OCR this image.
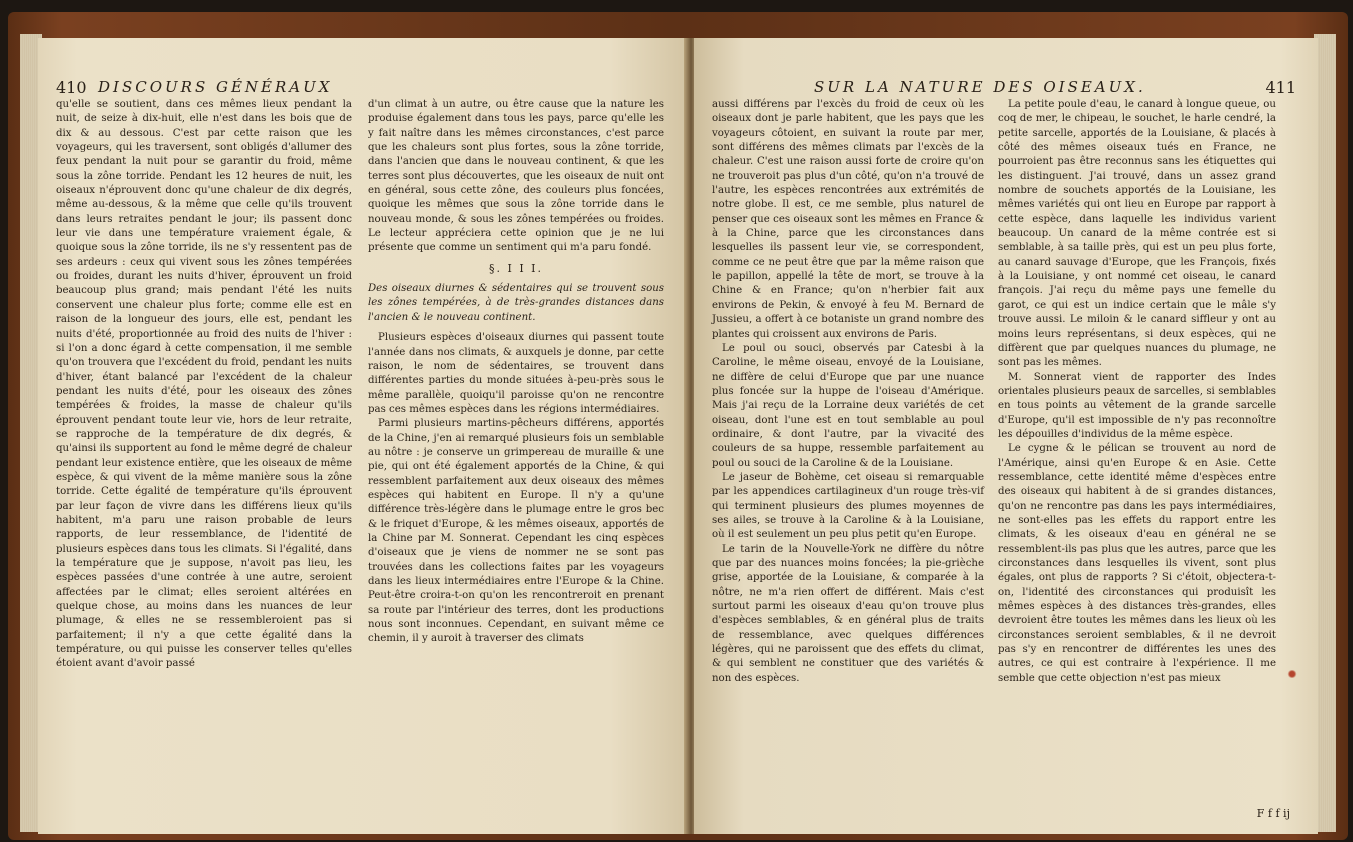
410 DISCOURS GÉNÉRAUX

qu'elle se soutient, dans ces mêmes lieux pendant la nuit, de seize à dix-huit, elle n'est dans les bois que de dix & au dessous. C'est par cette raison que les voyageurs, qui les traversent, sont obligés d'allumer des feux pendant la nuit pour se garantir du froid, même sous la zône torride. Pendant les 12 heures de nuit, les oiseaux n'éprouvent donc qu'une chaleur de dix degrés, même au-dessous, & la même que celle qu'ils trouvent dans leurs retraites pendant le jour; ils passent donc leur vie dans une température vraiement égale, & quoique sous la zône torride, ils ne s'y ressentent pas de ses ardeurs : ceux qui vivent sous les zônes tempérées ou froides, durant les nuits d'hiver, éprouvent un froid beaucoup plus grand; mais pendant l'été les nuits conservent une chaleur plus forte; comme elle est en raison de la longueur des jours, elle est, pendant les nuits d'été, proportionnée au froid des nuits de l'hiver : si l'on a donc égard à cette compensation, il me semble qu'on trouvera que l'excédent du froid, pendant les nuits d'hiver, étant balancé par l'excédent de la chaleur pendant les nuits d'été, pour les oiseaux des zônes tempérées & froides, la masse de chaleur qu'ils éprouvent pendant toute leur vie, hors de leur retraite, se rapproche de la température de dix degrés, & qu'ainsi ils supportent au fond le même degré de chaleur pendant leur existence entière, que les oiseaux de même espèce, & qui vivent de la même manière sous la zône torride. Cette égalité de température qu'ils éprouvent par leur façon de vivre dans les différens lieux qu'ils habitent, m'a paru une raison probable de leurs rapports, de leur ressemblance, de l'identité de plusieurs espèces dans tous les climats. Si l'égalité, dans la température que je suppose, n'avoit pas lieu, les espèces passées d'une contrée à une autre, seroient affectées par le climat; elles seroient altérées en quelque chose, au moins dans les nuances de leur plumage, & elles ne se ressembleroient pas si parfaitement; il n'y a que cette égalité dans la température, ou qui puisse les conserver telles qu'elles étoient avant d'avoir passé

d'un climat à un autre, ou être cause que la nature les produise également dans tous les pays, parce qu'elle les y fait naître dans les mêmes circonstances, c'est parce que les chaleurs sont plus fortes, sous la zône torride, dans l'ancien que dans le nouveau continent, & que les terres sont plus découvertes, que les oiseaux de nuit ont en général, sous cette zône, des couleurs plus foncées, quoique les mêmes que sous la zône torride dans le nouveau monde, & sous les zônes tempérées ou froides. Le lecteur appréciera cette opinion que je ne lui présente que comme un sentiment qui m'a paru fondé.

§. I I I.

Des oiseaux diurnes & sédentaires qui se trouvent sous les zônes tempérées, à de très-grandes distances dans l'ancien & le nouveau continent.

Plusieurs espèces d'oiseaux diurnes qui passent toute l'année dans nos climats, & auxquels je donne, par cette raison, le nom de sédentaires, se trouvent dans différentes parties du monde situées à-peu-près sous le même parallèle, quoiqu'il paroisse qu'on ne rencontre pas ces mêmes espèces dans les régions intermédiaires.

Parmi plusieurs martins-pêcheurs différens, apportés de la Chine, j'en ai remarqué plusieurs fois un semblable au nôtre : je conserve un grimpereau de muraille & une pie, qui ont été également apportés de la Chine, & qui ressemblent parfaitement aux deux oiseaux des mêmes espèces qui habitent en Europe. Il n'y a qu'une différence très-légère dans le plumage entre le gros bec & le friquet d'Europe, & les mêmes oiseaux, apportés de la Chine par M. Sonnerat. Cependant les cinq espèces d'oiseaux que je viens de nommer ne se sont pas trouvées dans les collections faites par les voyageurs dans les lieux intermédiaires entre l'Europe & la Chine. Peut-être croira-t-on qu'on les rencontreroit en prenant sa route par l'intérieur des terres, dont les productions nous sont inconnues. Cependant, en suivant même ce chemin, il y auroit à traverser des climats

SUR LA NATURE DES OISEAUX.	411

aussi différens par l'excès du froid de ceux où les oiseaux dont je parle habitent, que les pays que les voyageurs côtoient, en suivant la route par mer, sont différens des mêmes climats par l'excès de la chaleur. C'est une raison aussi forte de croire qu'on ne trouveroit pas plus d'un côté, qu'on n'a trouvé de l'autre, les espèces rencontrées aux extrémités de notre globe. Il est, ce me semble, plus naturel de penser que ces oiseaux sont les mêmes en France & à la Chine, parce que les circonstances dans lesquelles ils passent leur vie, se correspondent, comme ce ne peut être que par la même raison que le papillon, appellé la tête de mort, se trouve à la Chine & en France; qu'on n'herbier fait aux environs de Pekin, & envoyé à feu M. Bernard de Jussieu, a offert à ce botaniste un grand nombre des plantes qui croissent aux environs de Paris.

Le poul ou souci, observés par Catesbi à la Caroline, le même oiseau, envoyé de la Louisiane, ne diffère de celui d'Europe que par une nuance plus foncée sur la huppe de l'oiseau d'Amérique. Mais j'ai reçu de la Lorraine deux variétés de cet oiseau, dont l'une est en tout semblable au poul ordinaire, & dont l'autre, par la vivacité des couleurs de sa huppe, ressemble parfaitement au poul ou souci de la Caroline & de la Louisiane.

Le jaseur de Bohème, cet oiseau si remarquable par les appendices cartilagineux d'un rouge très-vif qui terminent plusieurs des plumes moyennes de ses ailes, se trouve à la Caroline & à la Louisiane, où il est seulement un peu plus petit qu'en Europe.

Le tarin de la Nouvelle-York ne diffère du nôtre que par des nuances moins foncées; la pie-grièche grise, apportée de la Louisiane, & comparée à la nôtre, ne m'a rien offert de différent. Mais c'est surtout parmi les oiseaux d'eau qu'on trouve plus d'espèces semblables, & en général plus de traits de ressemblance, avec quelques différences légères, qui ne paroissent que des effets du climat, & qui semblent ne constituer que des variétés & non des espèces.

La petite poule d'eau, le canard à longue queue, ou coq de mer, le chipeau, le souchet, le harle cendré, la petite sarcelle, apportés de la Louisiane, & placés à côté des mêmes oiseaux tués en France, ne pourroient pas être reconnus sans les étiquettes qui les distinguent. J'ai trouvé, dans un assez grand nombre de souchets apportés de la Louisiane, les mêmes variétés qui ont lieu en Europe par rapport à cette espèce, dans laquelle les individus varient beaucoup. Un canard de la même contrée est si semblable, à sa taille près, qui est un peu plus forte, au canard sauvage d'Europe, que les François, fixés à la Louisiane, y ont nommé cet oiseau, le canard françois. J'ai reçu du même pays une femelle du garot, ce qui est un indice certain que le mâle s'y trouve aussi. Le miloin & le canard siffleur y ont au moins leurs représentans, si deux espèces, qui ne diffèrent que par quelques nuances du plumage, ne sont pas les mêmes.

M. Sonnerat vient de rapporter des Indes orientales plusieurs peaux de sarcelles, si semblables en tous points au vêtement de la grande sarcelle d'Europe, qu'il est impossible de n'y pas reconnoître les dépouilles d'individus de la même espèce.

Le cygne & le pélican se trouvent au nord de l'Amérique, ainsi qu'en Europe & en Asie. Cette ressemblance, cette identité même d'espèces entre des oiseaux qui habitent à de si grandes distances, qu'on ne rencontre pas dans les pays intermédiaires, ne sont-elles pas les effets du rapport entre les climats, & les oiseaux d'eau en général ne se ressemblent-ils pas plus que les autres, parce que les circonstances dans lesquelles ils vivent, sont plus égales, ont plus de rapports ? Si c'étoit, objectera-t-on, l'identité des circonstances qui produisît les mêmes espèces à des distances très-grandes, elles devroient être toutes les mêmes dans les lieux où les circonstances seroient semblables, & il ne devroit pas s'y en rencontrer de différentes les unes des autres, ce qui est contraire à l'expérience. Il me semble que cette objection n'est pas mieux

F f f ij
